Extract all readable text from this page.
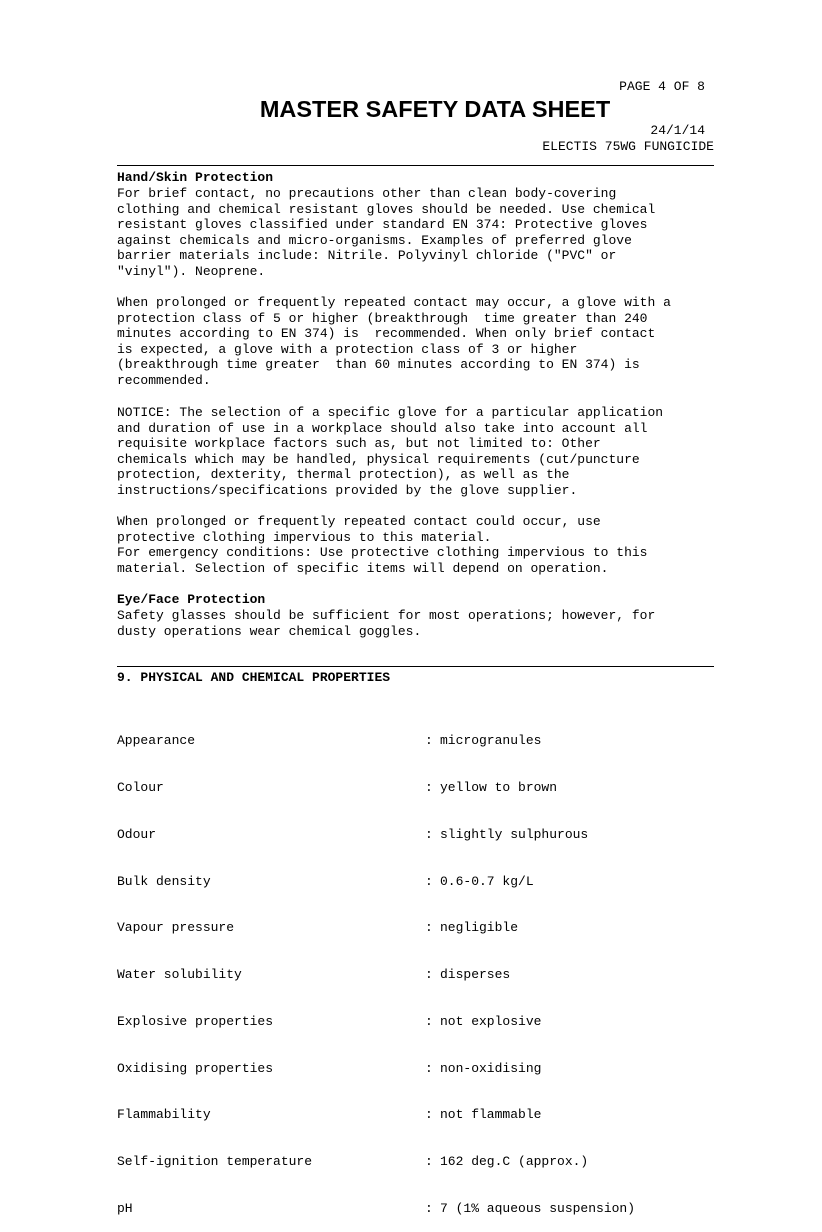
PAGE 4 OF 8
MASTER SAFETY DATA SHEET
24/1/14
ELECTIS 75WG FUNGICIDE
Hand/Skin Protection
For brief contact, no precautions other than clean body-covering
clothing and chemical resistant gloves should be needed. Use chemical
resistant gloves classified under standard EN 374: Protective gloves
against chemicals and micro-organisms. Examples of preferred glove
barrier materials include: Nitrile. Polyvinyl chloride ("PVC" or
"vinyl"). Neoprene.
When prolonged or frequently repeated contact may occur, a glove with a
protection class of 5 or higher (breakthrough  time greater than 240
minutes according to EN 374) is  recommended. When only brief contact
is expected, a glove with a protection class of 3 or higher
(breakthrough time greater  than 60 minutes according to EN 374) is
recommended.
NOTICE: The selection of a specific glove for a particular application
and duration of use in a workplace should also take into account all
requisite workplace factors such as, but not limited to: Other
chemicals which may be handled, physical requirements (cut/puncture
protection, dexterity, thermal protection), as well as the
instructions/specifications provided by the glove supplier.
When prolonged or frequently repeated contact could occur, use
protective clothing impervious to this material.
For emergency conditions: Use protective clothing impervious to this
material. Selection of specific items will depend on operation.
Eye/Face Protection
Safety glasses should be sufficient for most operations; however, for
dusty operations wear chemical goggles.
9. PHYSICAL AND CHEMICAL PROPERTIES

Appearance	: microgranules

Colour	: yellow to brown

Odour	: slightly sulphurous

Bulk density	: 0.6-0.7 kg/L

Vapour pressure	: negligible

Water solubility	: disperses

Explosive properties	: not explosive

Oxidising properties	: non-oxidising

Flammability	: not flammable

Self-ignition temperature	: 162 deg.C (approx.)

pH	: 7 (1% aqueous suspension)
